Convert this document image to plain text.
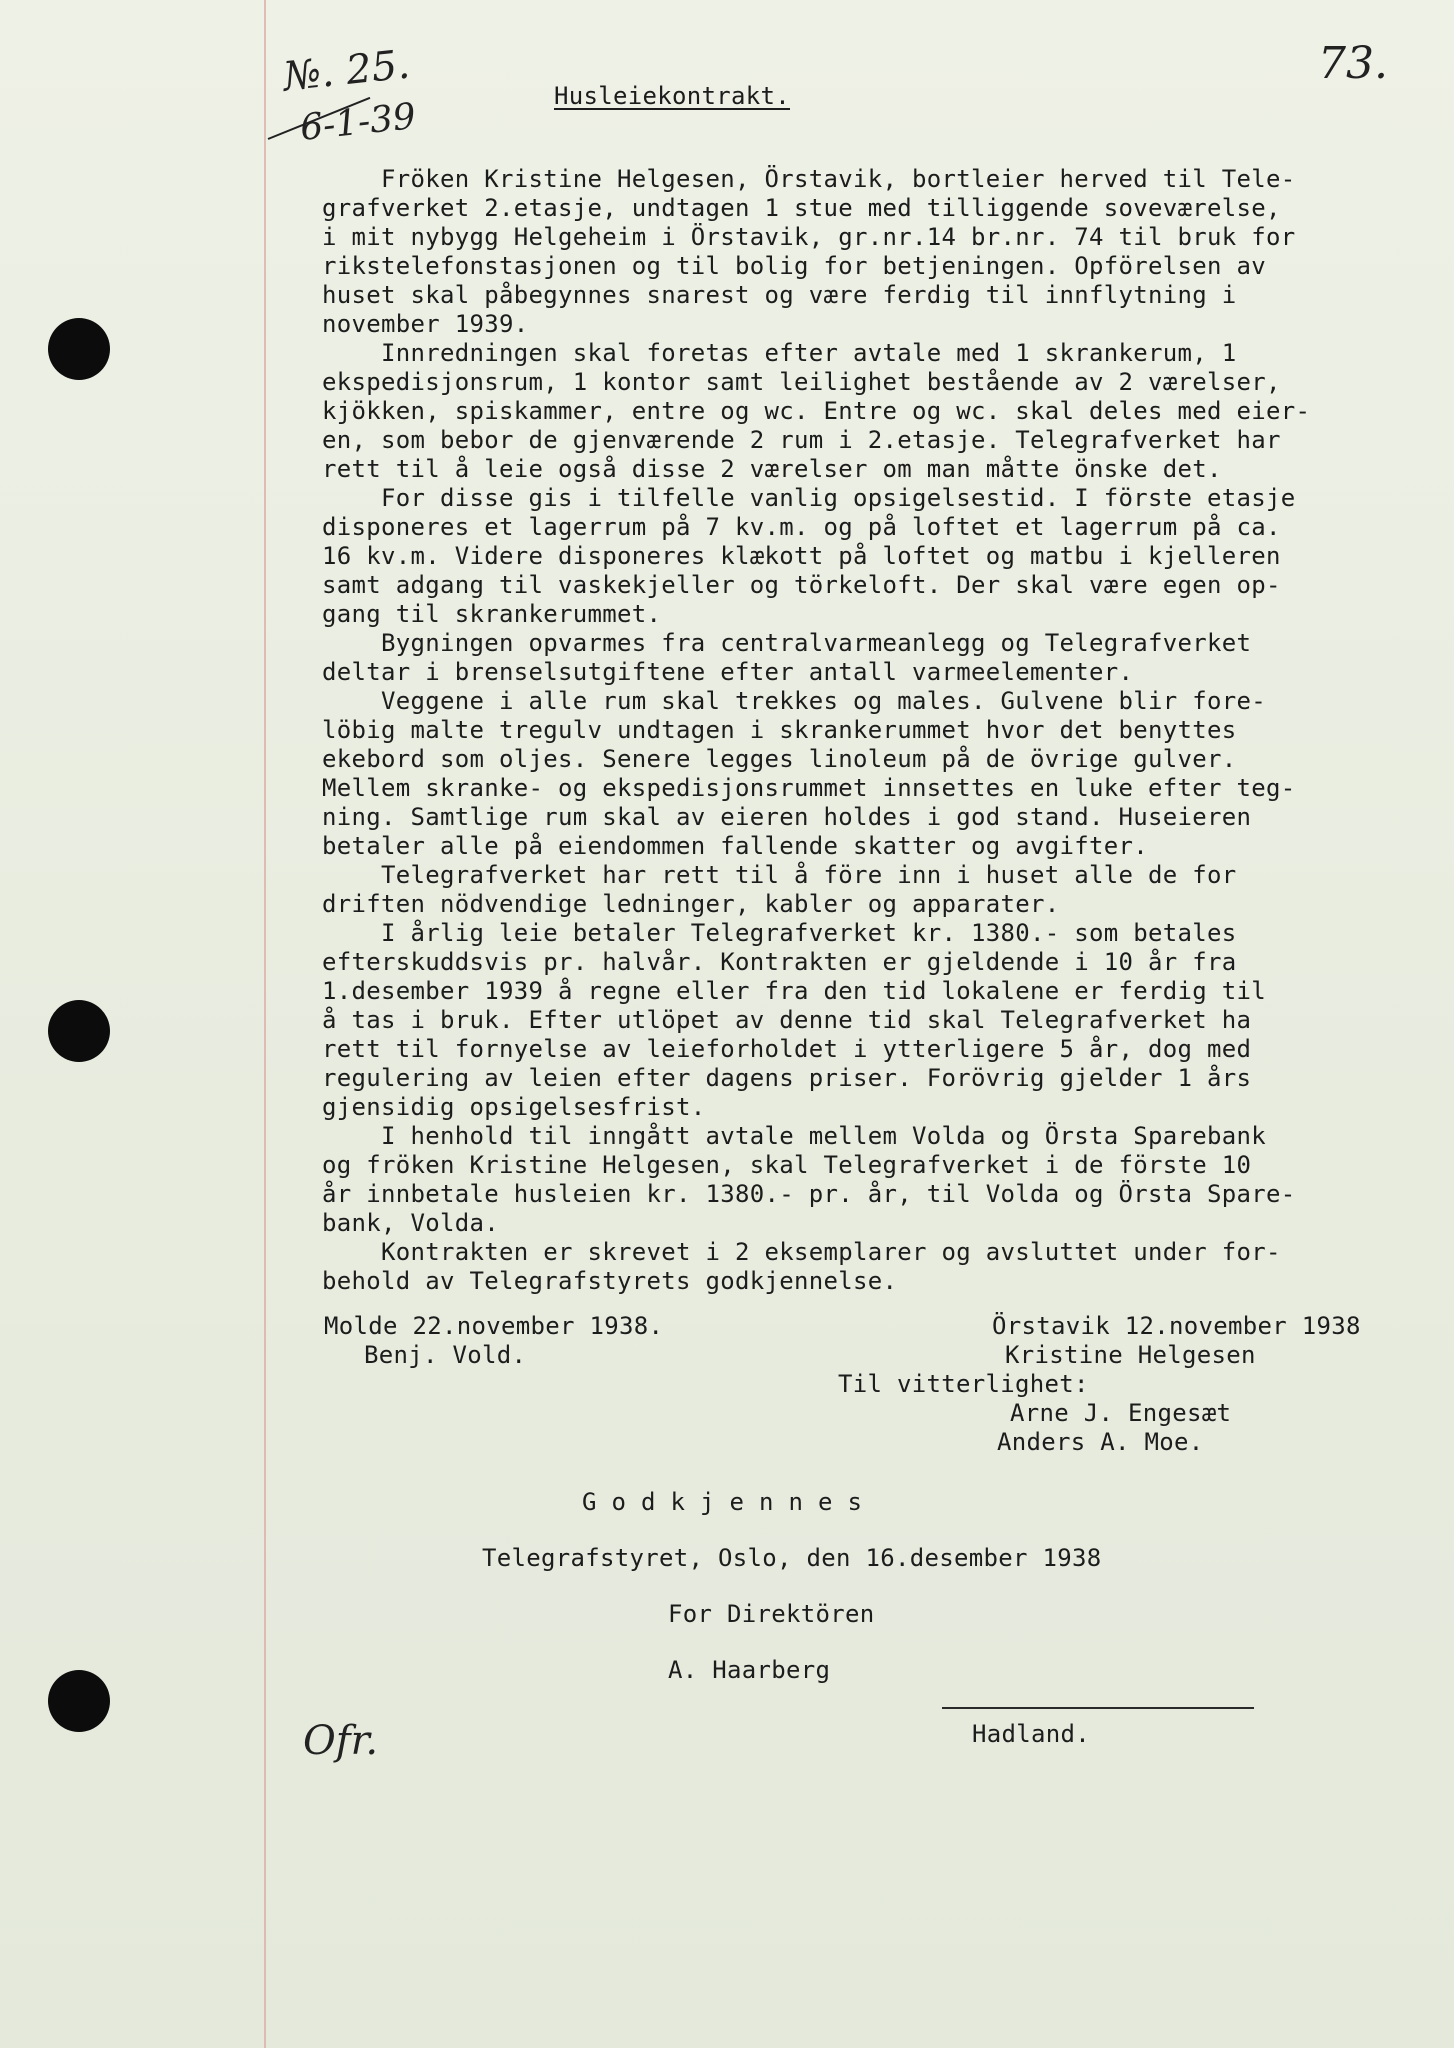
№. 25.
6-1-39
73.
Husleiekontrakt.
Fröken Kristine Helgesen, Örstavik, bortleier herved til Tele-
grafverket 2.etasje, undtagen 1 stue med tilliggende soveværelse,
i mit nybygg Helgeheim i Örstavik, gr.nr.14 br.nr. 74 til bruk for
rikstelefonstasjonen og til bolig for betjeningen. Opförelsen av
huset skal påbegynnes snarest og være ferdig til innflytning i
november 1939.
Innredningen skal foretas efter avtale med 1 skrankerum, 1
ekspedisjonsrum, 1 kontor samt leilighet bestående av 2 værelser,
kjökken, spiskammer, entre og wc. Entre og wc. skal deles med eier-
en, som bebor de gjenværende 2 rum i 2.etasje. Telegrafverket har
rett til å leie også disse 2 værelser om man måtte önske det.
For disse gis i tilfelle vanlig opsigelsestid. I förste etasje
disponeres et lagerrum på 7 kv.m. og på loftet et lagerrum på ca.
16 kv.m. Videre disponeres klækott på loftet og matbu i kjelleren
samt adgang til vaskekjeller og törkeloft. Der skal være egen op-
gang til skrankerummet.
Bygningen opvarmes fra centralvarmeanlegg og Telegrafverket
deltar i brenselsutgiftene efter antall varmeelementer.
Veggene i alle rum skal trekkes og males. Gulvene blir fore-
löbig malte tregulv undtagen i skrankerummet hvor det benyttes
ekebord som oljes. Senere legges linoleum på de övrige gulver.
Mellem skranke- og ekspedisjonsrummet innsettes en luke efter teg-
ning. Samtlige rum skal av eieren holdes i god stand. Huseieren
betaler alle på eiendommen fallende skatter og avgifter.
Telegrafverket har rett til å före inn i huset alle de for
driften nödvendige ledninger, kabler og apparater.
I årlig leie betaler Telegrafverket kr. 1380.- som betales
efterskuddsvis pr. halvår. Kontrakten er gjeldende i 10 år fra
1.desember 1939 å regne eller fra den tid lokalene er ferdig til
å tas i bruk. Efter utlöpet av denne tid skal Telegrafverket ha
rett til fornyelse av leieforholdet i ytterligere 5 år, dog med
regulering av leien efter dagens priser. Forövrig gjelder 1 års
gjensidig opsigelsesfrist.
I henhold til inngått avtale mellem Volda og Örsta Sparebank
og fröken Kristine Helgesen, skal Telegrafverket i de förste 10
år innbetale husleien kr. 1380.- pr. år, til Volda og Örsta Spare-
bank, Volda.
Kontrakten er skrevet i 2 eksemplarer og avsluttet under for-
behold av Telegrafstyrets godkjennelse.
Molde 22.november 1938.
Benj. Vold.
Örstavik 12.november 1938
Kristine Helgesen
Til vitterlighet:
Arne J. Engesæt
Anders A. Moe.
G o d k j e n n e s
Telegrafstyret, Oslo, den 16.desember 1938
For Direktören
A. Haarberg
Ofr.	Hadland.
